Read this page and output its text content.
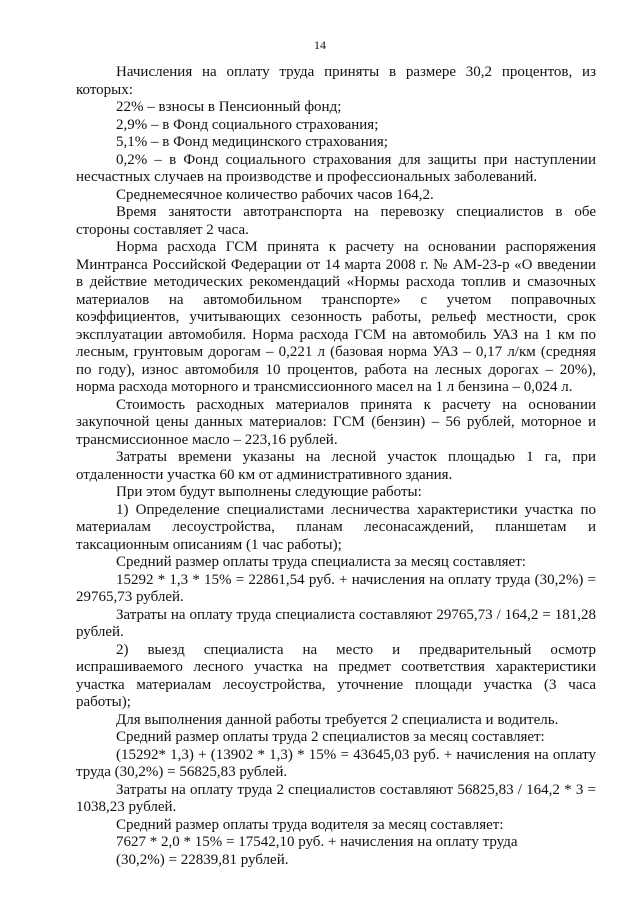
14

Начисления на оплату труда приняты в размере 30,2 процентов, из которых:

22% – взносы в Пенсионный фонд;

2,9% – в Фонд социального страхования;

5,1% – в Фонд медицинского страхования;

0,2% – в Фонд социального страхования для защиты при наступлении несчастных случаев на производстве и профессиональных заболеваний.

Среднемесячное количество рабочих часов 164,2.

Время занятости автотранспорта на перевозку специалистов в обе стороны составляет 2 часа.

Норма расхода ГСМ принята к расчету на основании распоряжения Минтранса Российской Федерации от 14 марта 2008 г. № АМ-23-р «О введении в действие методических рекомендаций «Нормы расхода топлив и смазочных материалов на автомобильном транспорте» с учетом поправочных коэффициентов, учитывающих сезонность работы, рельеф местности, срок эксплуатации автомобиля. Норма расхода ГСМ на автомобиль УАЗ на 1 км по лесным, грунтовым дорогам – 0,221 л (базовая норма УАЗ – 0,17 л/км (средняя по году), износ автомобиля 10 процентов, работа на лесных дорогах – 20%), норма расхода моторного и трансмиссионного масел на 1 л бензина – 0,024 л.

Стоимость расходных материалов принята к расчету на основании закупочной цены данных материалов: ГСМ (бензин) – 56 рублей, моторное и трансмиссионное масло – 223,16 рублей.

Затраты времени указаны на лесной участок площадью 1 га, при отдаленности участка 60 км от административного здания.

При этом будут выполнены следующие работы:

1) Определение специалистами лесничества характеристики участка по материалам лесоустройства, планам лесонасаждений, планшетам и таксационным описаниям (1 час работы);

Средний размер оплаты труда специалиста за месяц составляет:

15292 * 1,3 * 15% = 22861,54 руб. + начисления на оплату труда (30,2%) = 29765,73 рублей.

Затраты на оплату труда специалиста составляют 29765,73 / 164,2 = 181,28 рублей.

2) выезд специалиста на место и предварительный осмотр испрашиваемого лесного участка на предмет соответствия характеристики участка материалам лесоустройства, уточнение площади участка (3 часа работы);

Для выполнения данной работы требуется 2 специалиста и водитель.

Средний размер оплаты труда 2 специалистов за месяц составляет:

(15292* 1,3) + (13902 * 1,3) * 15% = 43645,03 руб. + начисления на оплату труда (30,2%) = 56825,83 рублей.

Затраты на оплату труда 2 специалистов составляют 56825,83 / 164,2 * 3 = 1038,23 рублей.

Средний размер оплаты труда водителя за месяц составляет:

7627 * 2,0 * 15% = 17542,10 руб. + начисления на оплату труда

(30,2%) = 22839,81 рублей.
